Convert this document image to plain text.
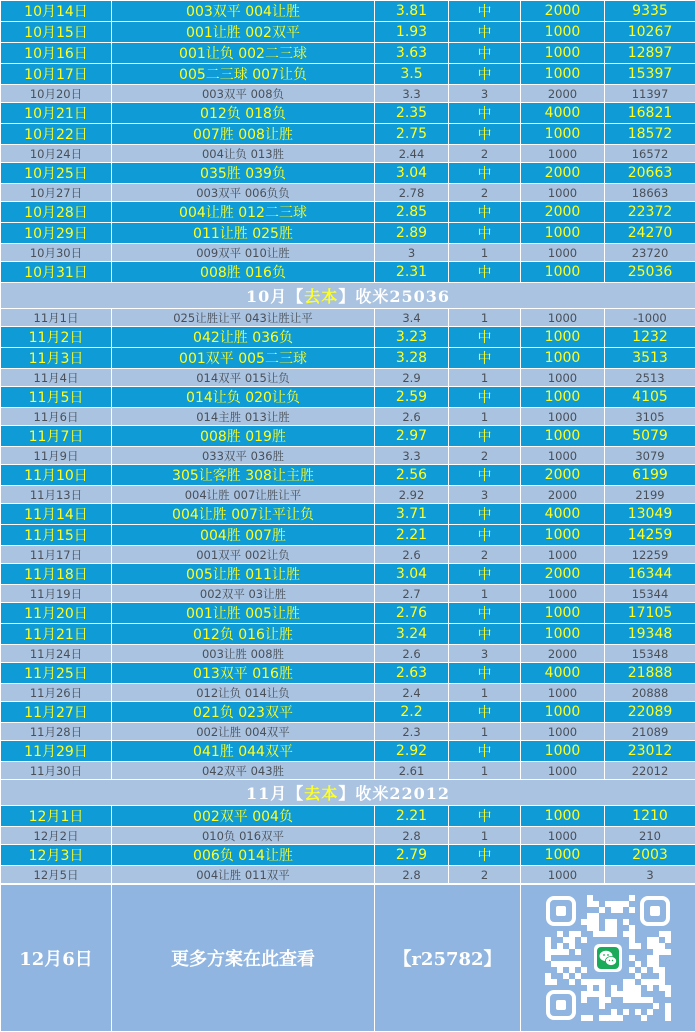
10月14日	003双平 004让胜	3.81	中	2000	9335
10月15日	001让胜 002双平	1.93	中	1000	10267
10月16日	001让负 002二三球	3.63	中	1000	12897
10月17日	005二三球 007让负	3.5	中	1000	15397
10月20日	003双平 008负	3.3	3	2000	11397
10月21日	012负 018负	2.35	中	4000	16821
10月22日	007胜 008让胜	2.75	中	1000	18572
10月24日	004让负 013胜	2.44	2	1000	16572
10月25日	035胜 039负	3.04	中	2000	20663
10月27日	003双平 006负负	2.78	2	1000	18663
10月28日	004让胜 012二三球	2.85	中	2000	22372
10月29日	011让胜 025胜	2.89	中	1000	24270
10月30日	009双平 010让胜	3	1	1000	23720
10月31日	008胜 016负	2.31	中	1000	25036
10月【去本】收米25036					
11月1日	025让胜让平 043让胜让平	3.4	1	1000	-1000
11月2日	042让胜 036负	3.23	中	1000	1232
11月3日	001双平 005二三球	3.28	中	1000	3513
11月4日	014双平 015让负	2.9	1	1000	2513
11月5日	014让负 020让负	2.59	中	1000	4105
11月6日	014主胜 013让胜	2.6	1	1000	3105
11月7日	008胜 019胜	2.97	中	1000	5079
11月9日	033双平 036胜	3.3	2	1000	3079
11月10日	305让客胜 308让主胜	2.56	中	2000	6199
11月13日	004让胜 007让胜让平	2.92	3	2000	2199
11月14日	004让胜 007让平让负	3.71	中	4000	13049
11月15日	004胜 007胜	2.21	中	1000	14259
11月17日	001双平 002让负	2.6	2	1000	12259
11月18日	005让胜 011让胜	3.04	中	2000	16344
11月19日	002双平 03让胜	2.7	1	1000	15344
11月20日	001让胜 005让胜	2.76	中	1000	17105
11月21日	012负 016让胜	3.24	中	1000	19348
11月24日	003让胜 008胜	2.6	3	2000	15348
11月25日	013双平 016胜	2.63	中	4000	21888
11月26日	012让负 014让负	2.4	1	1000	20888
11月27日	021负 023双平	2.2	中	1000	22089
11月28日	002让胜 004双平	2.3	1	1000	21089
11月29日	041胜 044双平	2.92	中	1000	23012
11月30日	042双平 043胜	2.61	1	1000	22012
11月【去本】收米22012					
12月1日	002双平 004负	2.21	中	1000	1210
12月2日	010负 016双平	2.8	1	1000	210
12月3日	006负 014让胜	2.79	中	1000	2003
12月5日	004让胜 011双平	2.8	2	1000	3
12月6日	更多方案在此查看	【r25782】	
